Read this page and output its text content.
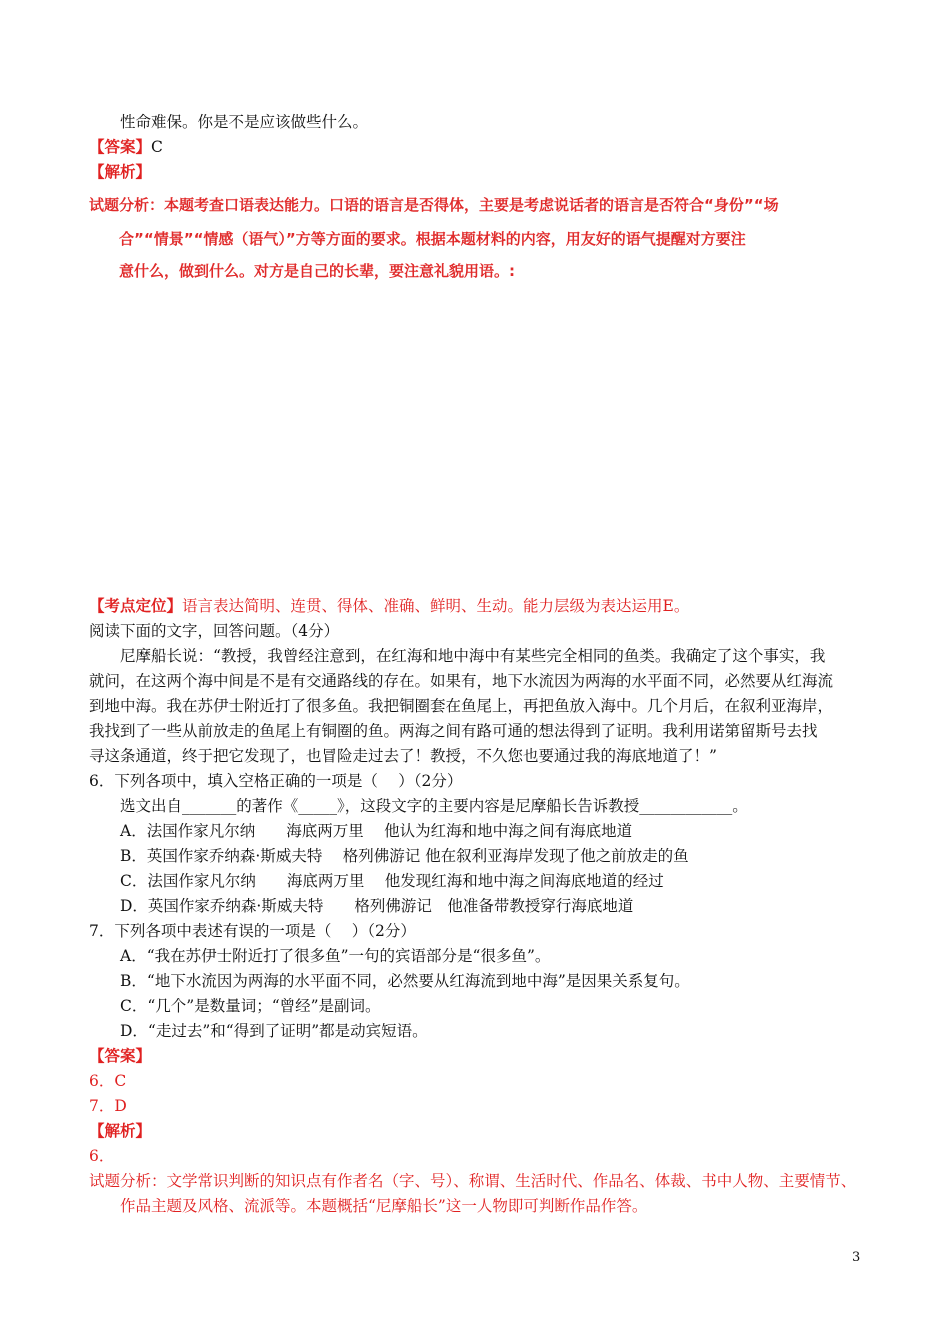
性命难保。你是不是应该做些什么。
【答案】C
【解析】
试题分析：本题考查口语表达能力。口语的语言是否得体，主要是考虑说话者的语言是否符合“身份”“场
合”“情景”“情感（语气）”方等方面的要求。根据本题材料的内容，用友好的语气提醒对方要注
意什么，做到什么。对方是自己的长辈，要注意礼貌用语。:
【考点定位】语言表达简明、连贯、得体、准确、鲜明、生动。能力层级为表达运用E。
阅读下面的文字，回答问题。（4分）
尼摩船长说：“教授，我曾经注意到，在红海和地中海中有某些完全相同的鱼类。我确定了这个事实，我
就问，在这两个海中间是不是有交通路线的存在。如果有，地下水流因为两海的水平面不同，必然要从红海流
到地中海。我在苏伊士附近打了很多鱼。我把铜圈套在鱼尾上，再把鱼放入海中。几个月后，在叙利亚海岸，
我找到了一些从前放走的鱼尾上有铜圈的鱼。两海之间有路可通的想法得到了证明。我利用诺第留斯号去找
寻这条通道，终于把它发现了，也冒险走过去了！教授，不久您也要通过我的海底地道了！”
6．下列各项中，填入空格正确的一项是（　 ）（2分）
选文出自_______的著作《_____》，这段文字的主要内容是尼摩船长告诉教授____________。
A．法国作家凡尔纳　　海底两万里　 他认为红海和地中海之间有海底地道
B．英国作家乔纳森·斯威夫特　 格列佛游记 他在叙利亚海岸发现了他之前放走的鱼
C．法国作家凡尔纳　　海底两万里　 他发现红海和地中海之间海底地道的经过
D．英国作家乔纳森·斯威夫特　　格列佛游记　他准备带教授穿行海底地道
7．下列各项中表述有误的一项是（　 ）（2分）
A．“我在苏伊士附近打了很多鱼”一句的宾语部分是“很多鱼”。
B．“地下水流因为两海的水平面不同，必然要从红海流到地中海”是因果关系复句。
C．“几个”是数量词；“曾经”是副词。
D．“走过去”和“得到了证明”都是动宾短语。
【答案】
6．C
7．D
【解析】
6．
试题分析：文学常识判断的知识点有作者名（字、号）、称谓、生活时代、作品名、体裁、书中人物、主要情节、
作品主题及风格、流派等。本题概括“尼摩船长”这一人物即可判断作品作答。
3
